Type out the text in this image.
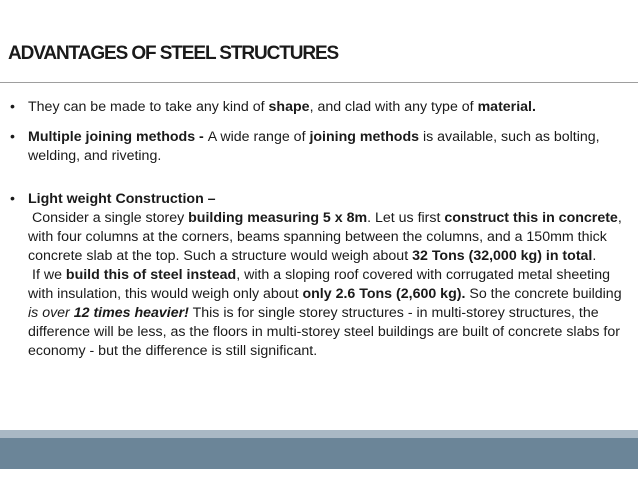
ADVANTAGES OF STEEL STRUCTURES
• They can be made to take any kind of shape, and clad with any type of material.
• Multiple joining methods - A wide range of joining methods is available, such as bolting, welding, and riveting.
• Light weight Construction –
Consider a single storey building measuring 5 x 8m. Let us first construct this in concrete, with four columns at the corners, beams spanning between the columns, and a 150mm thick concrete slab at the top. Such a structure would weigh about 32 Tons (32,000 kg) in total.
If we build this of steel instead, with a sloping roof covered with corrugated metal sheeting with insulation, this would weigh only about only 2.6 Tons (2,600 kg). So the concrete building is over 12 times heavier! This is for single storey structures - in multi-storey structures, the difference will be less, as the floors in multi-storey steel buildings are built of concrete slabs for economy - but the difference is still significant.
